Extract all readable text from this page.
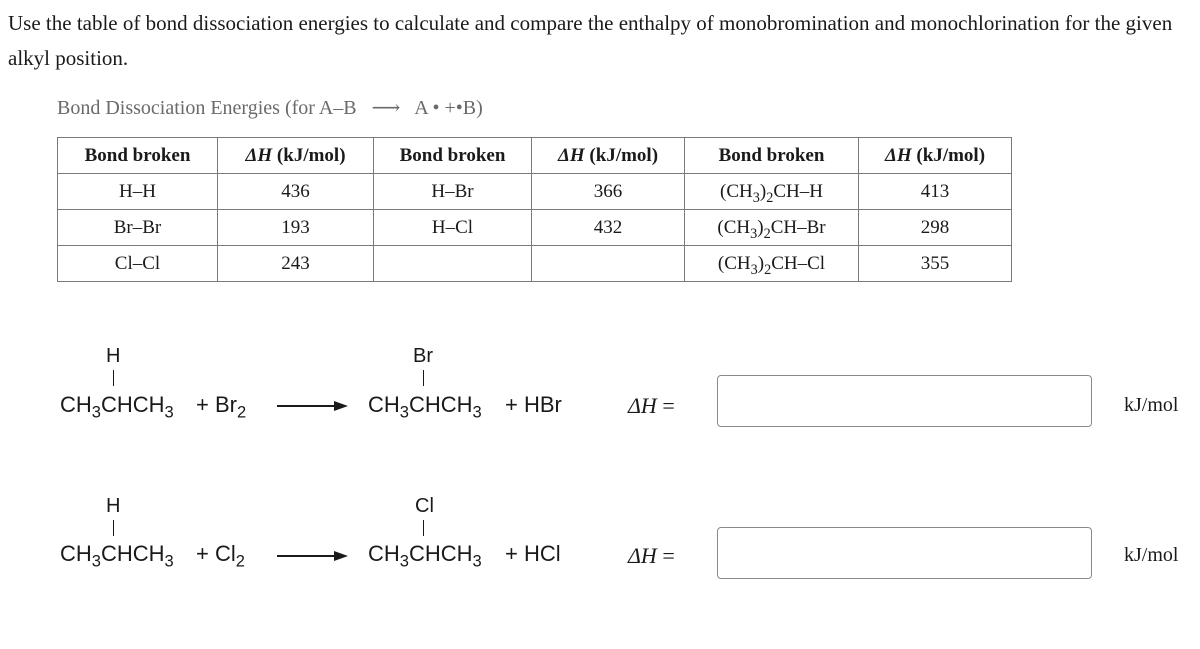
Use the table of bond dissociation energies to calculate and compare the enthalpy of monobromination and monochlorination for the given alkyl position.
Bond Dissociation Energies (for A–B ⟶ A • +•B)
Bond broken	ΔH (kJ/mol)	Bond broken	ΔH (kJ/mol)	Bond broken	ΔH (kJ/mol)
H–H	436	H–Br	366	$(CH_3)_2CH-H$	413
Br–Br	193	H–Cl	432	$(CH_3)_2CH-Br$	298
Cl–Cl	243			$(CH_3)_2CH-Cl$	355
H
$CH_3CHCH_3 + Br_2$
Br
$CH_3CHCH_3$ + HBr	ΔH =	kJ/mol
H
$CH_3CHCH_3 + Cl_2$
Cl
$CH_3CHCH_3$ + HCl	ΔH =	kJ/mol
